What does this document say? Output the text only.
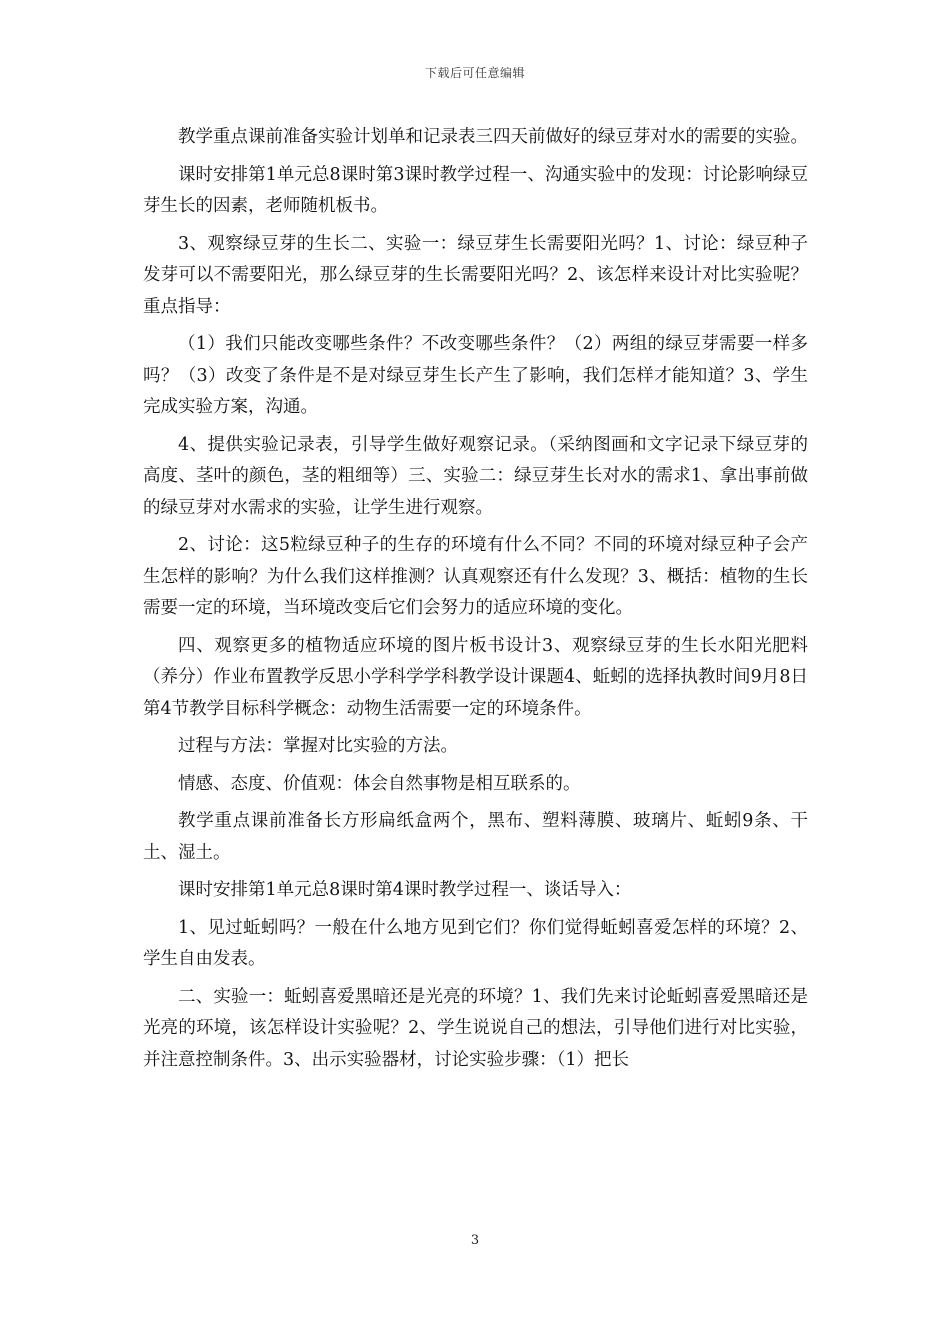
下载后可任意编辑

教学重点课前准备实验计划单和记录表三四天前做好的绿豆芽对水的需要的实验。

课时安排第1单元总8课时第3课时教学过程一、沟通实验中的发现：讨论影响绿豆芽生长的因素，老师随机板书。

3、观察绿豆芽的生长二、实验一：绿豆芽生长需要阳光吗？1、讨论：绿豆种子发芽可以不需要阳光，那么绿豆芽的生长需要阳光吗？2、该怎样来设计对比实验呢？重点指导：

（1）我们只能改变哪些条件？不改变哪些条件？（2）两组的绿豆芽需要一样多吗？（3）改变了条件是不是对绿豆芽生长产生了影响，我们怎样才能知道？3、学生完成实验方案，沟通。

4、提供实验记录表，引导学生做好观察记录。（采纳图画和文字记录下绿豆芽的高度、茎叶的颜色，茎的粗细等）三、实验二：绿豆芽生长对水的需求1、拿出事前做的绿豆芽对水需求的实验，让学生进行观察。

2、讨论：这5粒绿豆种子的生存的环境有什么不同？不同的环境对绿豆种子会产生怎样的影响？为什么我们这样推测？认真观察还有什么发现？3、概括：植物的生长需要一定的环境，当环境改变后它们会努力的适应环境的变化。

四、观察更多的植物适应环境的图片板书设计3、观察绿豆芽的生长水阳光肥料（养分）作业布置教学反思小学科学学科教学设计课题4、蚯蚓的选择执教时间9月8日第4节教学目标科学概念：动物生活需要一定的环境条件。

过程与方法：掌握对比实验的方法。

情感、态度、价值观：体会自然事物是相互联系的。

教学重点课前准备长方形扁纸盒两个，黑布、塑料薄膜、玻璃片、蚯蚓9条、干土、湿土。

课时安排第1单元总8课时第4课时教学过程一、谈话导入：

1、见过蚯蚓吗？一般在什么地方见到它们？你们觉得蚯蚓喜爱怎样的环境？2、学生自由发表。

二、实验一：蚯蚓喜爱黑暗还是光亮的环境？1、我们先来讨论蚯蚓喜爱黑暗还是光亮的环境，该怎样设计实验呢？2、学生说说自己的想法，引导他们进行对比实验，并注意控制条件。3、出示实验器材，讨论实验步骤：（1）把长

3
